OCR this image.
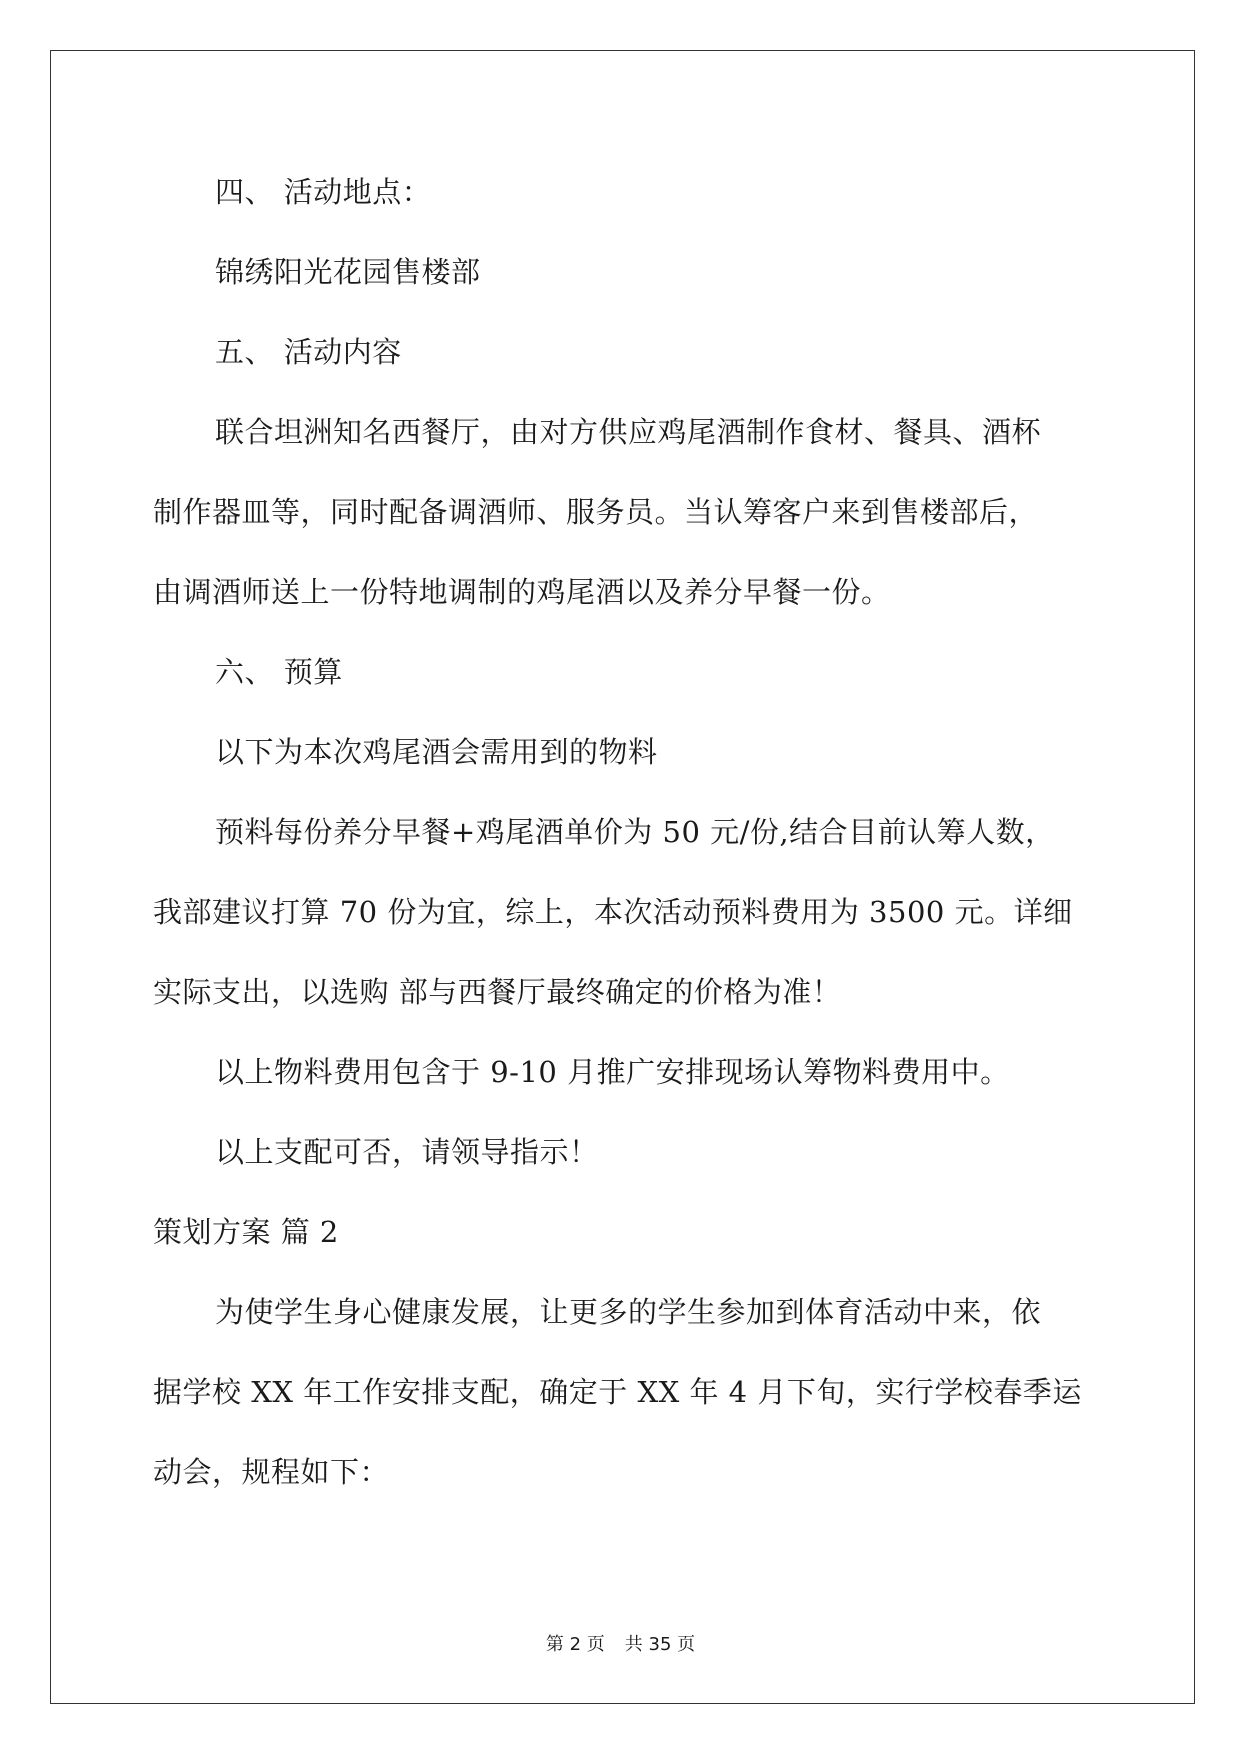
四、 活动地点：
锦绣阳光花园售楼部
五、 活动内容
联合坦洲知名西餐厅，由对方供应鸡尾酒制作食材、餐具、酒杯
制作器皿等，同时配备调酒师、服务员。当认筹客户来到售楼部后，
由调酒师送上一份特地调制的鸡尾酒以及养分早餐一份。
六、 预算
以下为本次鸡尾酒会需用到的物料
预料每份养分早餐+鸡尾酒单价为 50 元/份,结合目前认筹人数，
我部建议打算 70 份为宜，综上，本次活动预料费用为 3500 元。详细
实际支出，以选购 部与西餐厅最终确定的价格为准！
以上物料费用包含于 9-10 月推广安排现场认筹物料费用中。
以上支配可否，请领导指示！
策划方案 篇 2
为使学生身心健康发展，让更多的学生参加到体育活动中来，依
据学校 XX 年工作安排支配，确定于 XX 年 4 月下旬，实行学校春季运
动会，规程如下：
第 2 页 共 35 页
